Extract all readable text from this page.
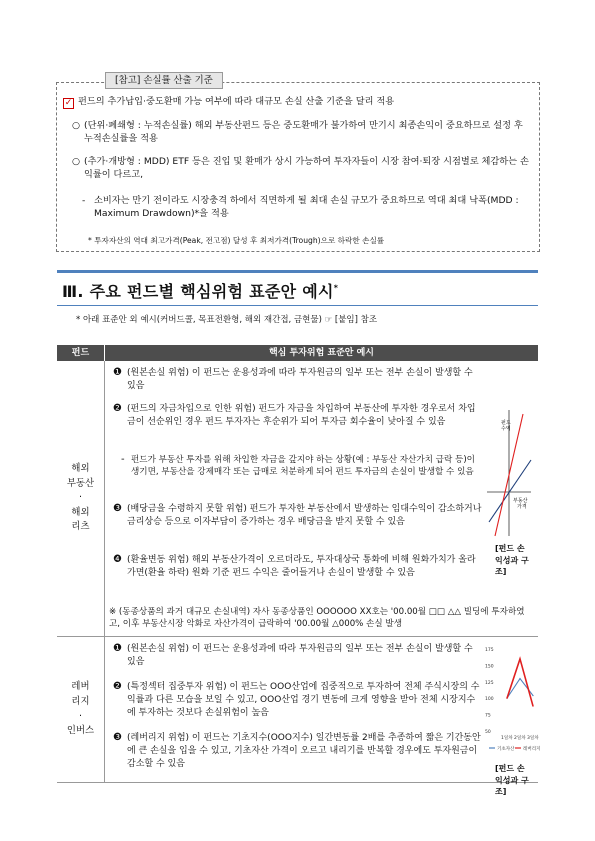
[참고] 손실률 산출 기준
✓ 펀드의 추가납입·중도환매 가능 여부에 따라 대규모 손실 산출 기준을 달리 적용
○ (단위·폐쇄형 : 누적손실률) 해외 부동산펀드 등은 중도환매가 불가하여 만기시 최종손익이 중요하므로 설정 후 누적손실률을 적용
○ (추가·개방형 : MDD) ETF 등은 진입 및 환매가 상시 가능하여 투자자들이 시장 참여·퇴장 시점별로 체감하는 손익률이 다르고,
- 소비자는 만기 전이라도 시장충격 하에서 직면하게 될 최대 손실 규모가 중요하므로 역대 최대 낙폭(MDD : Maximum Drawdown)*을 적용
* 투자자산의 역대 최고가격(Peak, 전고점) 달성 후 최저가격(Trough)으로 하락한 손실률
Ⅲ. 주요 펀드별 핵심위험 표준안 예시*
* 아래 표준안 외 예시(커버드콜, 목표전환형, 해외 재간접, 금현물) ☞ [붙임] 참조
펀드	핵심 투자위험 표준안 예시
해외
부동산
·
해외
리츠
❶ (원본손실 위험) 이 펀드는 운용성과에 따라 투자원금의 일부 또는 전부 손실이 발생할 수 있음
❷ (펀드의 자금차입으로 인한 위험) 펀드가 자금을 차입하여 부동산에 투자한 경우로서 차입금이 선순위인 경우 펀드 투자자는 후순위가 되어 투자금 회수율이 낮아질 수 있음
- 펀드가 부동산 투자를 위해 차입한 자금을 갚지야 하는 상황(예 : 부동산 자산가치 급락 등)이 생기면, 부동산을 강제매각 또는 급매로 처분하게 되어 펀드 투자금의 손실이 발생할 수 있음
❸ (배당금을 수령하지 못할 위험) 펀드가 투자한 부동산에서 발생하는 임대수익이 감소하거나 금리상승 등으로 이자부담이 증가하는 경우 배당금을 받지 못할 수 있음
❹ (환율변동 위험) 해외 부동산가격이 오르더라도, 투자대상국 통화에 비해 원화가치가 올라가면(환율 하락) 원화 기준 펀드 수익은 줄어들거나 손실이 발생할 수 있음
※ (동종상품의 과거 대규모 손실내역) 자사 동종상품인 OOOOOO XX호는 '00.00월 □□ △△ 빌딩에 투자하였고, 이후 부동산시장 악화로 자산가격이 급락하여 '00.00월 △000% 손실 발생
펀드
수익
부동산
가격
[펀드 손익성과 구조]
레버
리지
·
인버스
❶ (원본손실 위험) 이 펀드는 운용성과에 따라 투자원금의 일부 또는 전부 손실이 발생할 수 있음
❷ (특정섹터 집중투자 위험) 이 펀드는 OOO산업에 집중적으로 투자하여 전체 주식시장의 수익률과 다른 모습을 보일 수 있고, OOO산업 경기 변동에 크게 영향을 받아 전체 시장지수에 투자하는 것보다 손실위험이 높음
❸ (레버리지 위험) 이 펀드는 기초지수(OOO지수) 일간변동률 2배를 추종하여 짧은 기간동안에 큰 손실을 입을 수 있고, 기초자산 가격이 오르고 내리기를 반복할 경우에도 투자원금이 감소할 수 있음
175
150
125
100
75
50
1일차 2일차 3일차
기초자산 레버리지
[펀드 손익성과 구조]
